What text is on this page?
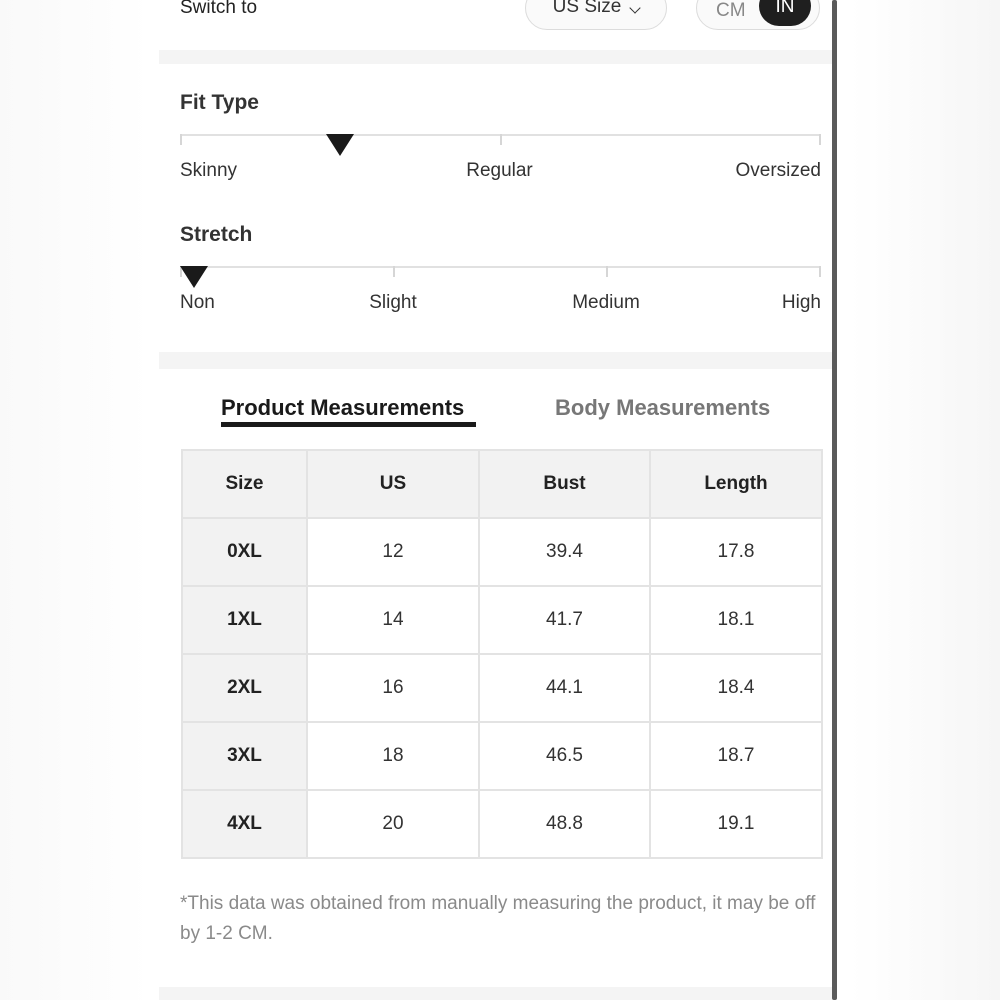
Switch to	US Size	CM	IN
Fit Type
Skinny	Regular	Oversized
Stretch
Non	Slight	Medium	High
Product Measurements	Body Measurements
Size	US	Bust	Length
0XL	12	39.4	17.8
1XL	14	41.7	18.1
2XL	16	44.1	18.4
3XL	18	46.5	18.7
4XL	20	48.8	19.1
*This data was obtained from manually measuring the product, it may be off by 1-2 CM.
